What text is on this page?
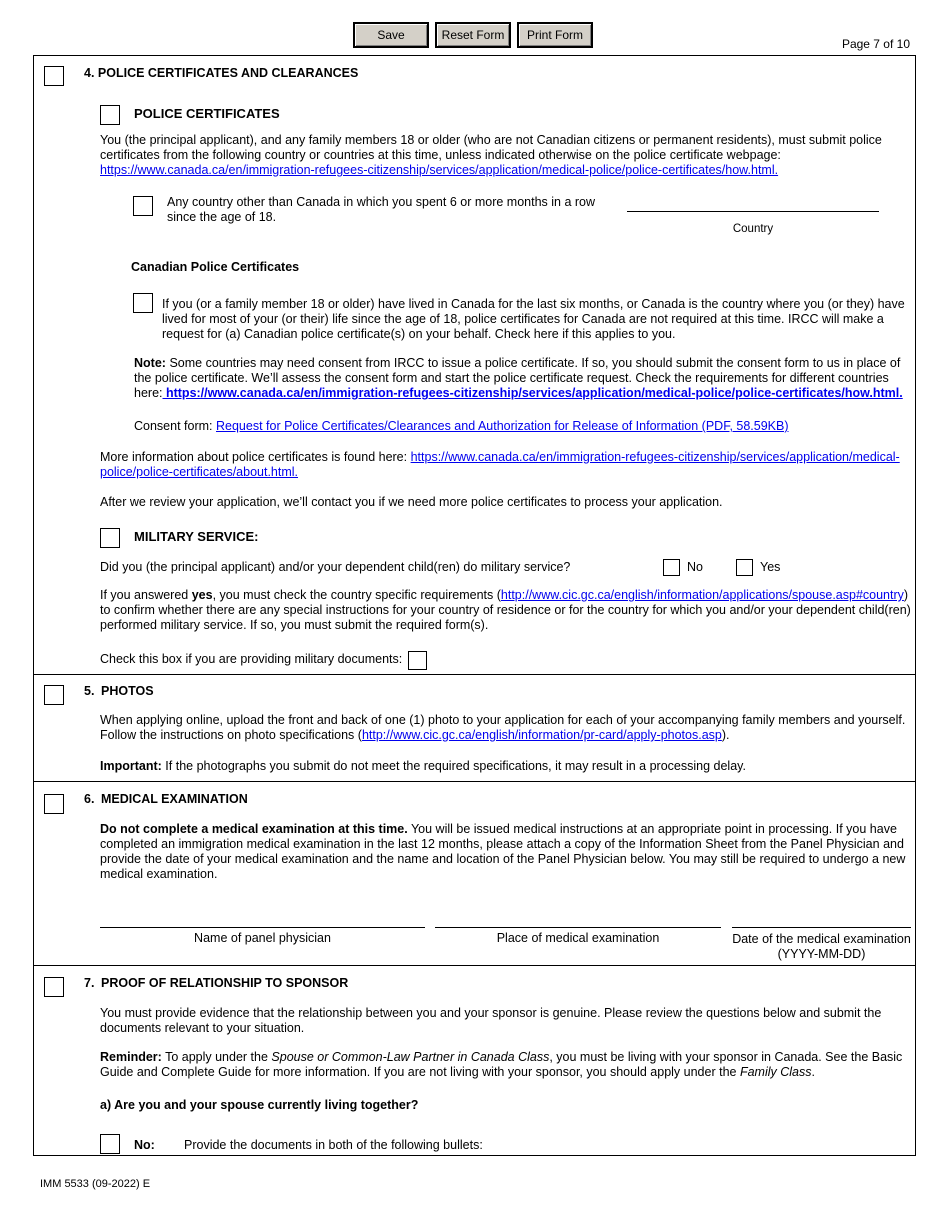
Save	Reset Form	Print Form
Page 7 of 10
4. POLICE CERTIFICATES AND CLEARANCES
POLICE CERTIFICATES
You (the principal applicant), and any family members 18 or older (who are not Canadian citizens or permanent residents), must submit police certificates from the following country or countries at this time, unless indicated otherwise on the police certificate webpage:
https://www.canada.ca/en/immigration-refugees-citizenship/services/application/medical-police/police-certificates/how.html.
Any country other than Canada in which you spent 6 or more months in a row since the age of 18.
Country
Canadian Police Certificates
If you (or a family member 18 or older) have lived in Canada for the last six months, or Canada is the country where you (or they) have lived for most of your (or their) life since the age of 18, police certificates for Canada are not required at this time. IRCC will make a request for (a) Canadian police certificate(s) on your behalf. Check here if this applies to you.
Note: Some countries may need consent from IRCC to issue a police certificate. If so, you should submit the consent form to us in place of the police certificate. We’ll assess the consent form and start the police certificate request. Check the requirements for different countries here: https://www.canada.ca/en/immigration-refugees-citizenship/services/application/medical-police/police-certificates/how.html.
Consent form: Request for Police Certificates/Clearances and Authorization for Release of Information (PDF, 58.59KB)
More information about police certificates is found here: https://www.canada.ca/en/immigration-refugees-citizenship/services/application/medical-police/police-certificates/about.html.
After we review your application, we’ll contact you if we need more police certificates to process your application.
MILITARY SERVICE:
Did you (the principal applicant) and/or your dependent child(ren) do military service?	No	Yes
If you answered yes, you must check the country specific requirements (http://www.cic.gc.ca/english/information/applications/spouse.asp#country) to confirm whether there are any special instructions for your country of residence or for the country for which you and/or your dependent child(ren) performed military service. If so, you must submit the required form(s).
Check this box if you are providing military documents:
5. PHOTOS
When applying online, upload the front and back of one (1) photo to your application for each of your accompanying family members and yourself. Follow the instructions on photo specifications (http://www.cic.gc.ca/english/information/pr-card/apply-photos.asp).
Important: If the photographs you submit do not meet the required specifications, it may result in a processing delay.
6. MEDICAL EXAMINATION
Do not complete a medical examination at this time. You will be issued medical instructions at an appropriate point in processing. If you have completed an immigration medical examination in the last 12 months, please attach a copy of the Information Sheet from the Panel Physician and provide the date of your medical examination and the name and location of the Panel Physician below. You may still be required to undergo a new medical examination.
Name of panel physician	Place of medical examination	Date of the medical examination (YYYY-MM-DD)
7. PROOF OF RELATIONSHIP TO SPONSOR
You must provide evidence that the relationship between you and your sponsor is genuine. Please review the questions below and submit the documents relevant to your situation.
Reminder: To apply under the Spouse or Common-Law Partner in Canada Class, you must be living with your sponsor in Canada. See the Basic Guide and Complete Guide for more information. If you are not living with your sponsor, you should apply under the Family Class.
a) Are you and your spouse currently living together?
No: Provide the documents in both of the following bullets:
IMM 5533 (09-2022) E
